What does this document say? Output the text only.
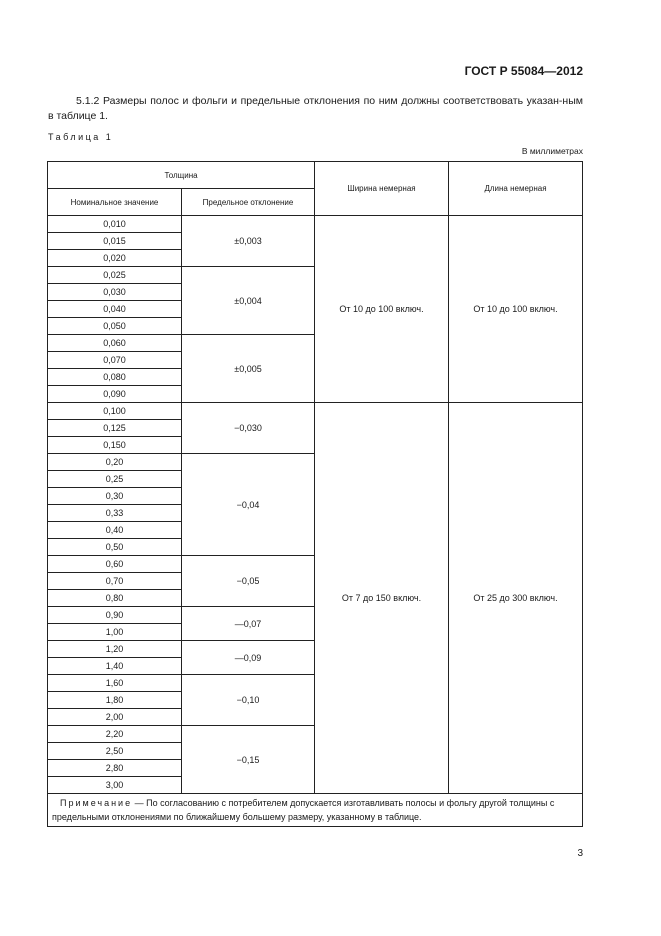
ГОСТ Р 55084—2012
5.1.2 Размеры полос и фольги и предельные отклонения по ним должны соответствовать указан-ным в таблице 1.
Таблица 1
В миллиметрах
Толщина		Ширина немерная	Длина немерная
Номинальное значение	Предельное отклонение		
0,010	±0,003	От 10 до 100 включ.	От 10 до 100 включ.
0,015			
0,020			
0,025	±0,004		
0,030			
0,040			
0,050			
0,060	±0,005		
0,070			
0,080			
0,090			
0,100	−0,030	От 7 до 150 включ.	От 25 до 300 включ.
0,125			
0,150			
0,20	−0,04		
0,25			
0,30			
0,33			
0,40			
0,50			
0,60	−0,05		
0,70			
0,80			
0,90	—0,07		
1,00			
1,20	—0,09		
1,40			
1,60	−0,10		
1,80			
2,00			
2,20	−0,15		
2,50			
2,80			
3,00			
Примечание — По согласованию с потребителем допускается изготавливать полосы и фольгу другой толщины с предельными отклонениями по ближайшему большему размеру, указанному в таблице.			
3
